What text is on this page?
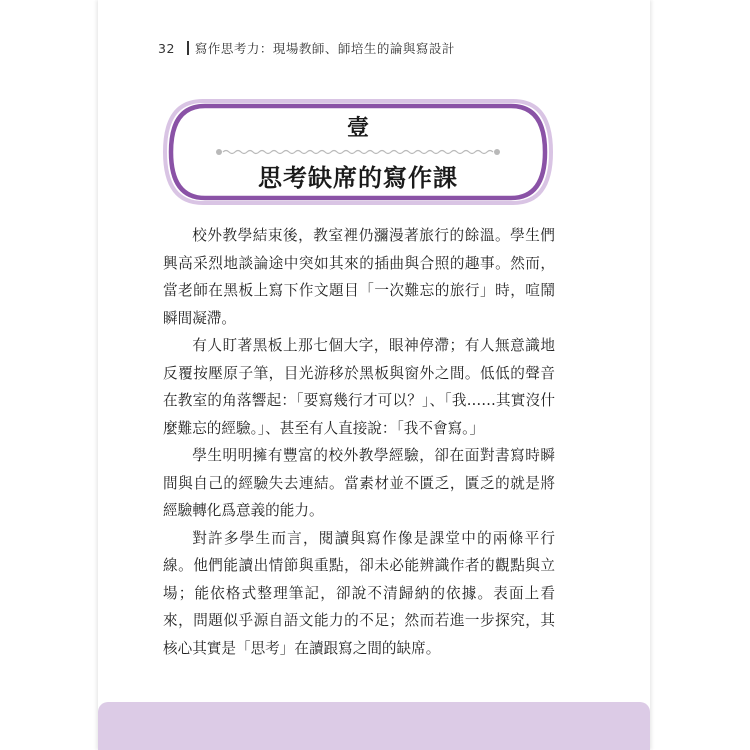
32 寫作思考力：現場教師、師培生的論與寫設計
壹
思考缺席的寫作課

校外教學結束後，教室裡仍瀰漫著旅行的餘溫。學生們興高采烈地談論途中突如其來的插曲與合照的趣事。然而，當老師在黑板上寫下作文題目「一次難忘的旅行」時，喧鬧瞬間凝滯。

有人盯著黑板上那七個大字，眼神停滯；有人無意識地反覆按壓原子筆，目光游移於黑板與窗外之間。低低的聲音在教室的角落響起：「要寫幾行才可以？」、「我……其實沒什麼難忘的經驗。」、甚至有人直接說：「我不會寫。」

學生明明擁有豐富的校外教學經驗，卻在面對書寫時瞬間與自己的經驗失去連結。當素材並不匱乏，匱乏的就是將經驗轉化爲意義的能力。

對許多學生而言，閱讀與寫作像是課堂中的兩條平行線。他們能讀出情節與重點，卻未必能辨識作者的觀點與立場；能依格式整理筆記，卻說不清歸納的依據。表面上看來，問題似乎源自語文能力的不足；然而若進一步探究，其核心其實是「思考」在讀跟寫之間的缺席。
